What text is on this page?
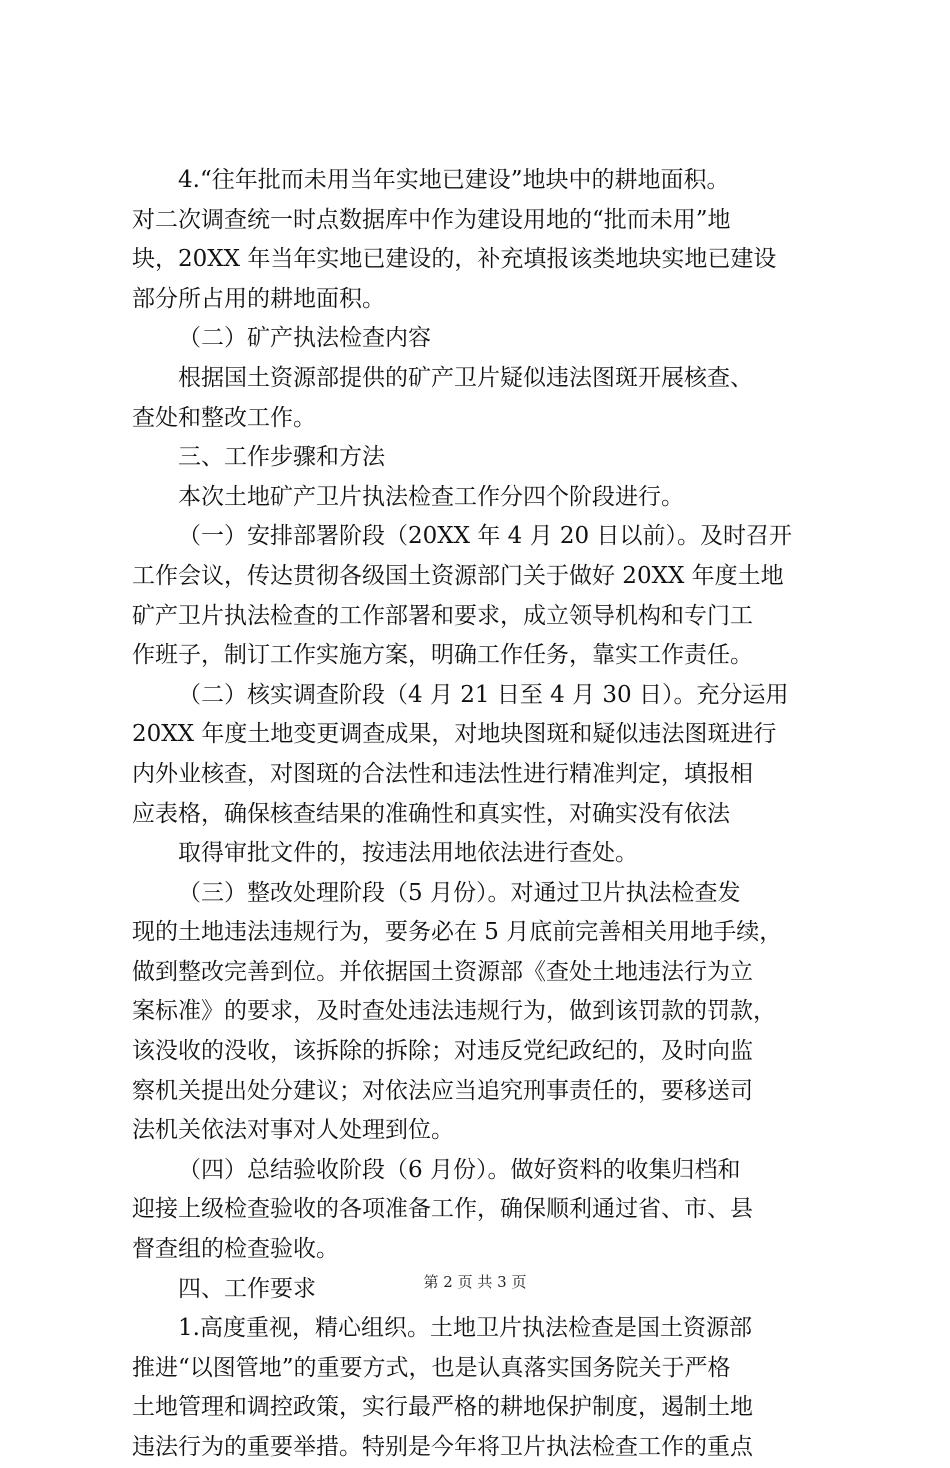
4.“往年批而未用当年实地已建设”地块中的耕地面积。
对二次调查统一时点数据库中作为建设用地的“批而未用”地
块，20XX 年当年实地已建设的，补充填报该类地块实地已建设
部分所占用的耕地面积。
（二）矿产执法检查内容
根据国土资源部提供的矿产卫片疑似违法图斑开展核查、
查处和整改工作。
三、工作步骤和方法
本次土地矿产卫片执法检查工作分四个阶段进行。
（一）安排部署阶段（20XX 年 4 月 20 日以前）。及时召开
工作会议，传达贯彻各级国土资源部门关于做好 20XX 年度土地
矿产卫片执法检查的工作部署和要求，成立领导机构和专门工
作班子，制订工作实施方案，明确工作任务，靠实工作责任。
（二）核实调查阶段（4 月 21 日至 4 月 30 日）。充分运用
20XX 年度土地变更调查成果，对地块图斑和疑似违法图斑进行
内外业核查，对图斑的合法性和违法性进行精准判定，填报相
应表格，确保核查结果的准确性和真实性，对确实没有依法
取得审批文件的，按违法用地依法进行查处。
（三）整改处理阶段（5 月份）。对通过卫片执法检查发
现的土地违法违规行为，要务必在 5 月底前完善相关用地手续，
做到整改完善到位。并依据国土资源部《查处土地违法行为立
案标准》的要求，及时查处违法违规行为，做到该罚款的罚款，
该没收的没收，该拆除的拆除；对违反党纪政纪的，及时向监
察机关提出处分建议；对依法应当追究刑事责任的，要移送司
法机关依法对事对人处理到位。
（四）总结验收阶段（6 月份）。做好资料的收集归档和
迎接上级检查验收的各项准备工作，确保顺利通过省、市、县
督查组的检查验收。
四、工作要求
1.高度重视，精心组织。土地卫片执法检查是国土资源部
推进“以图管地”的重要方式，也是认真落实国务院关于严格
土地管理和调控政策，实行最严格的耕地保护制度，遏制土地
违法行为的重要举措。特别是今年将卫片执法检查工作的重点
第 2 页 共 3 页
